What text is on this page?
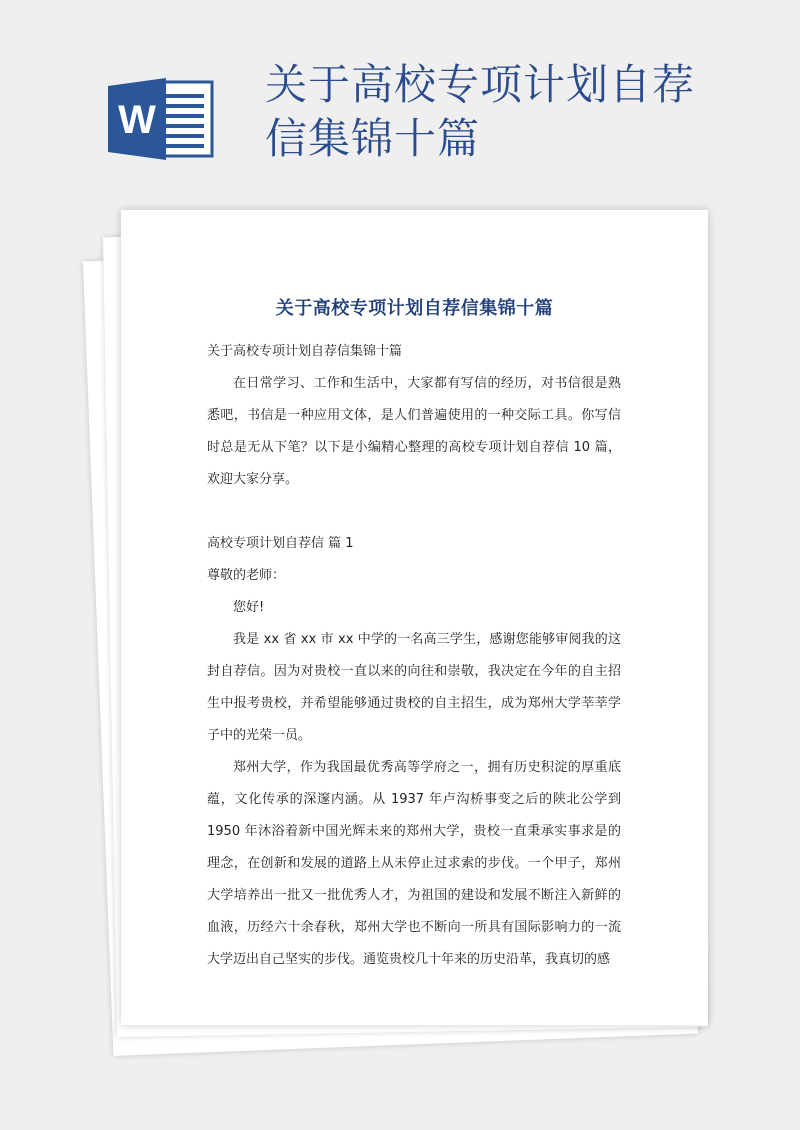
W
关于高校专项计划自荐信集锦十篇
关于高校专项计划自荐信集锦十篇

关于高校专项计划自荐信集锦十篇

在日常学习、工作和生活中，大家都有写信的经历，对书信很是熟悉吧，书信是一种应用文体，是人们普遍使用的一种交际工具。你写信时总是无从下笔？以下是小编精心整理的高校专项计划自荐信 10 篇，欢迎大家分享。

高校专项计划自荐信 篇 1

尊敬的老师：

您好!

我是 xx 省 xx 市 xx 中学的一名高三学生，感谢您能够审阅我的这封自荐信。因为对贵校一直以来的向往和崇敬，我决定在今年的自主招生中报考贵校，并希望能够通过贵校的自主招生，成为郑州大学莘莘学子中的光荣一员。

郑州大学，作为我国最优秀高等学府之一，拥有历史积淀的厚重底蕴，文化传承的深邃内涵。从 1937 年卢沟桥事变之后的陕北公学到 1950 年沐浴着新中国光辉未来的郑州大学，贵校一直秉承实事求是的理念，在创新和发展的道路上从未停止过求索的步伐。一个甲子，郑州大学培养出一批又一批优秀人才，为祖国的建设和发展不断注入新鲜的血液，历经六十余春秋，郑州大学也不断向一所具有国际影响力的一流大学迈出自己坚实的步伐。通览贵校几十年来的历史沿革，我真切的感
